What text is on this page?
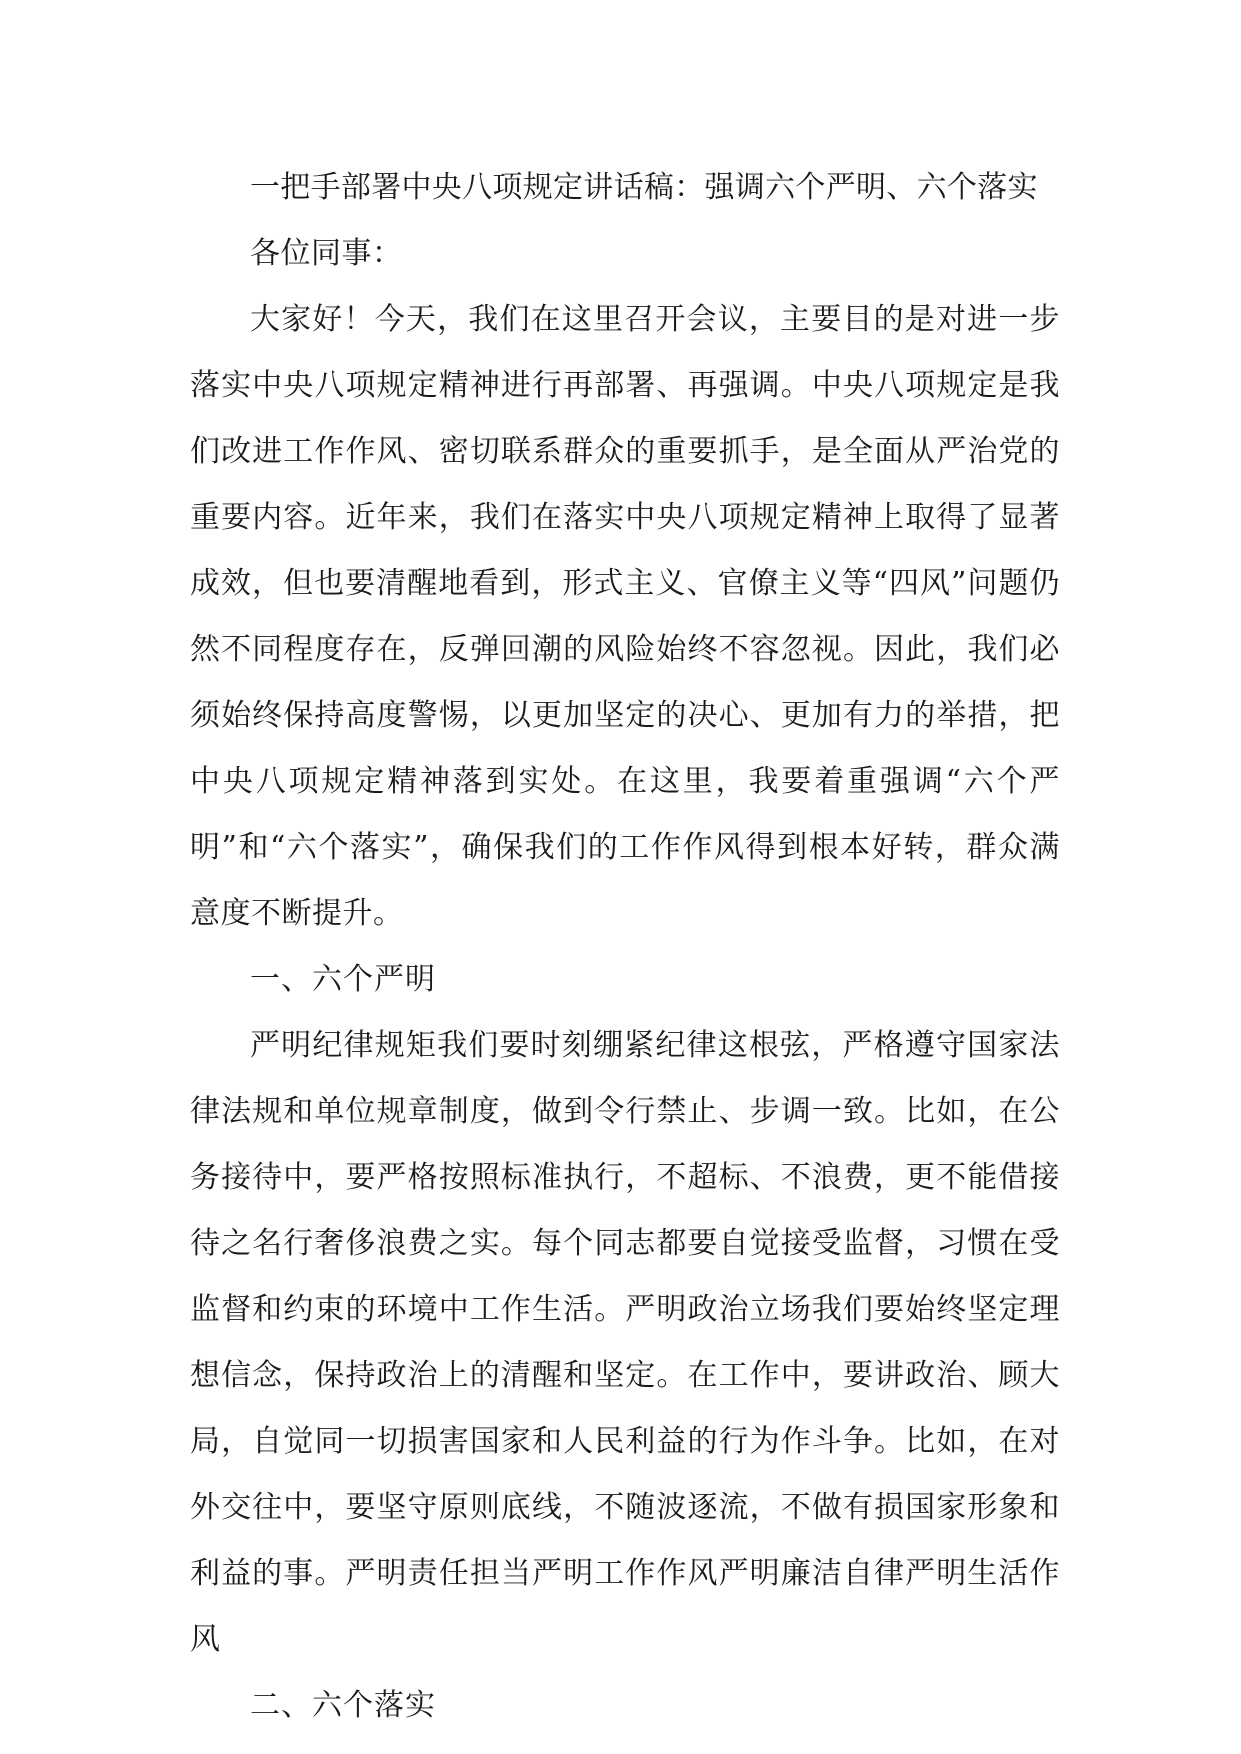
一把手部署中央八项规定讲话稿：强调六个严明、六个落实

各位同事：

大家好！今天，我们在这里召开会议，主要目的是对进一步落实中央八项规定精神进行再部署、再强调。中央八项规定是我们改进工作作风、密切联系群众的重要抓手，是全面从严治党的重要内容。近年来，我们在落实中央八项规定精神上取得了显著成效，但也要清醒地看到，形式主义、官僚主义等“四风”问题仍然不同程度存在，反弹回潮的风险始终不容忽视。因此，我们必须始终保持高度警惕，以更加坚定的决心、更加有力的举措，把中央八项规定精神落到实处。在这里，我要着重强调“六个严明”和“六个落实”，确保我们的工作作风得到根本好转，群众满意度不断提升。

一、六个严明

严明纪律规矩我们要时刻绷紧纪律这根弦，严格遵守国家法律法规和单位规章制度，做到令行禁止、步调一致。比如，在公务接待中，要严格按照标准执行，不超标、不浪费，更不能借接待之名行奢侈浪费之实。每个同志都要自觉接受监督，习惯在受监督和约束的环境中工作生活。严明政治立场我们要始终坚定理想信念，保持政治上的清醒和坚定。在工作中，要讲政治、顾大局，自觉同一切损害国家和人民利益的行为作斗争。比如，在对外交往中，要坚守原则底线，不随波逐流，不做有损国家形象和利益的事。严明责任担当严明工作作风严明廉洁自律严明生活作风

二、六个落实
